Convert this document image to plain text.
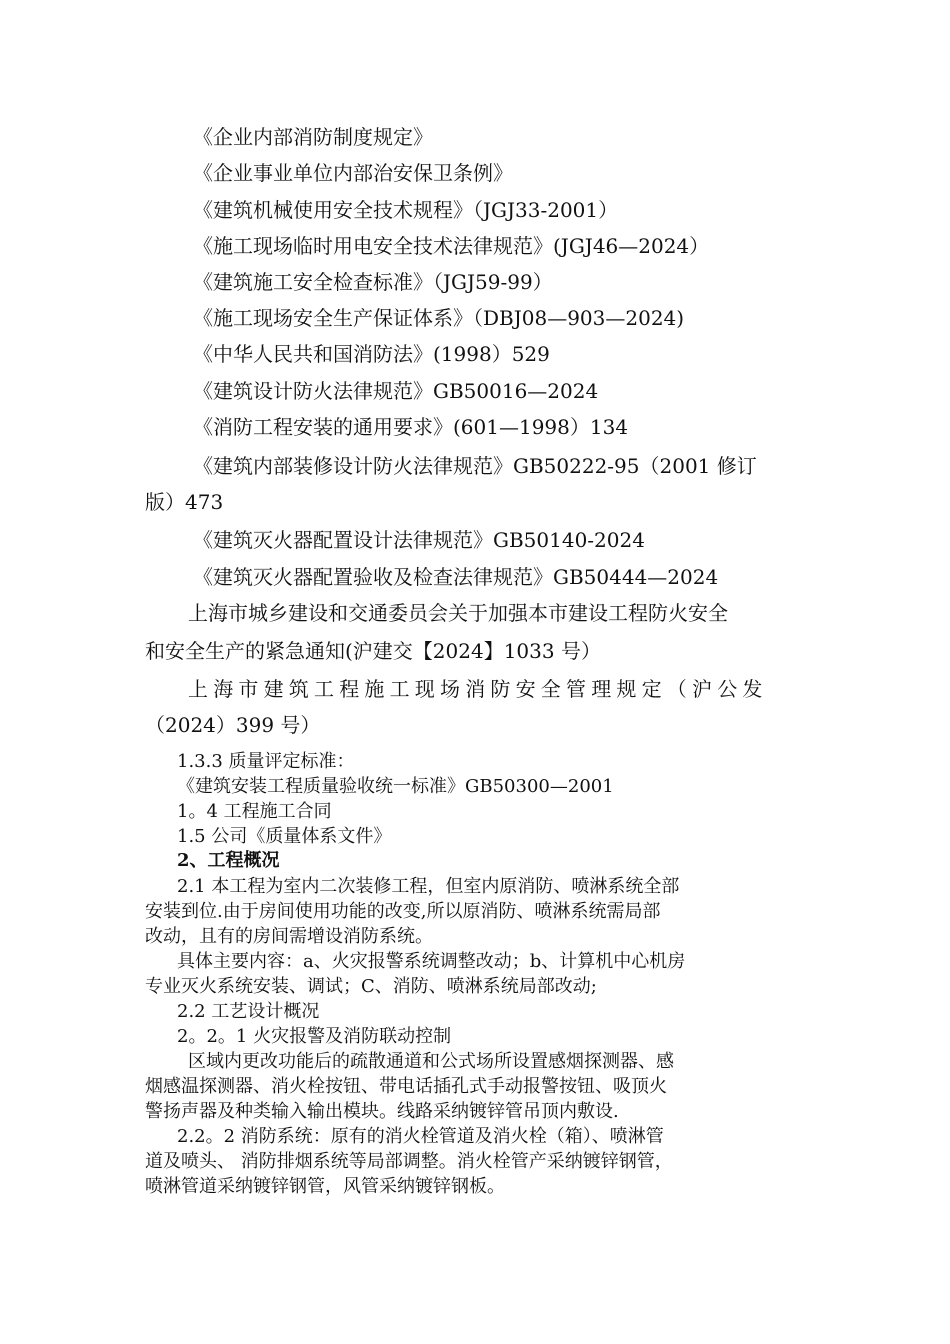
《企业内部消防制度规定》
《企业事业单位内部治安保卫条例》
《建筑机械使用安全技术规程》（JGJ33-2001）
《施工现场临时用电安全技术法律规范》(JGJ46—2024）
《建筑施工安全检查标准》（JGJ59-99）
《施工现场安全生产保证体系》（DBJ08—903—2024)
《中华人民共和国消防法》(1998）529
《建筑设计防火法律规范》GB50016—2024
《消防工程安装的通用要求》(601—1998）134
《建筑内部装修设计防火法律规范》GB50222-95（2001 修订
版）473
《建筑灭火器配置设计法律规范》GB50140-2024
《建筑灭火器配置验收及检查法律规范》GB50444—2024
上海市城乡建设和交通委员会关于加强本市建设工程防火安全
和安全生产的紧急通知(沪建交【2024】1033 号）
上海市建筑工程施工现场消防安全管理规定（沪公发
（2024）399 号）
1.3.3 质量评定标准：
《建筑安装工程质量验收统一标准》GB50300—2001
1。4 工程施工合同
1.5 公司《质量体系文件》
2、工程概况
2.1 本工程为室内二次装修工程，但室内原消防、喷淋系统全部
安装到位.由于房间使用功能的改变,所以原消防、喷淋系统需局部
改动，且有的房间需增设消防系统。
具体主要内容：a、火灾报警系统调整改动；b、计算机中心机房
专业灭火系统安装、调试；C、消防、喷淋系统局部改动;
2.2 工艺设计概况
2。2。1 火灾报警及消防联动控制
区域内更改功能后的疏散通道和公式场所设置感烟探测器、感
烟感温探测器、消火栓按钮、带电话插孔式手动报警按钮、吸顶火
警扬声器及种类输入输出模块。线路采纳镀锌管吊顶内敷设.
2.2。2 消防系统：原有的消火栓管道及消火栓（箱）、喷淋管
道及喷头、 消防排烟系统等局部调整。消火栓管产采纳镀锌钢管，
喷淋管道采纳镀锌钢管，风管采纳镀锌钢板。
